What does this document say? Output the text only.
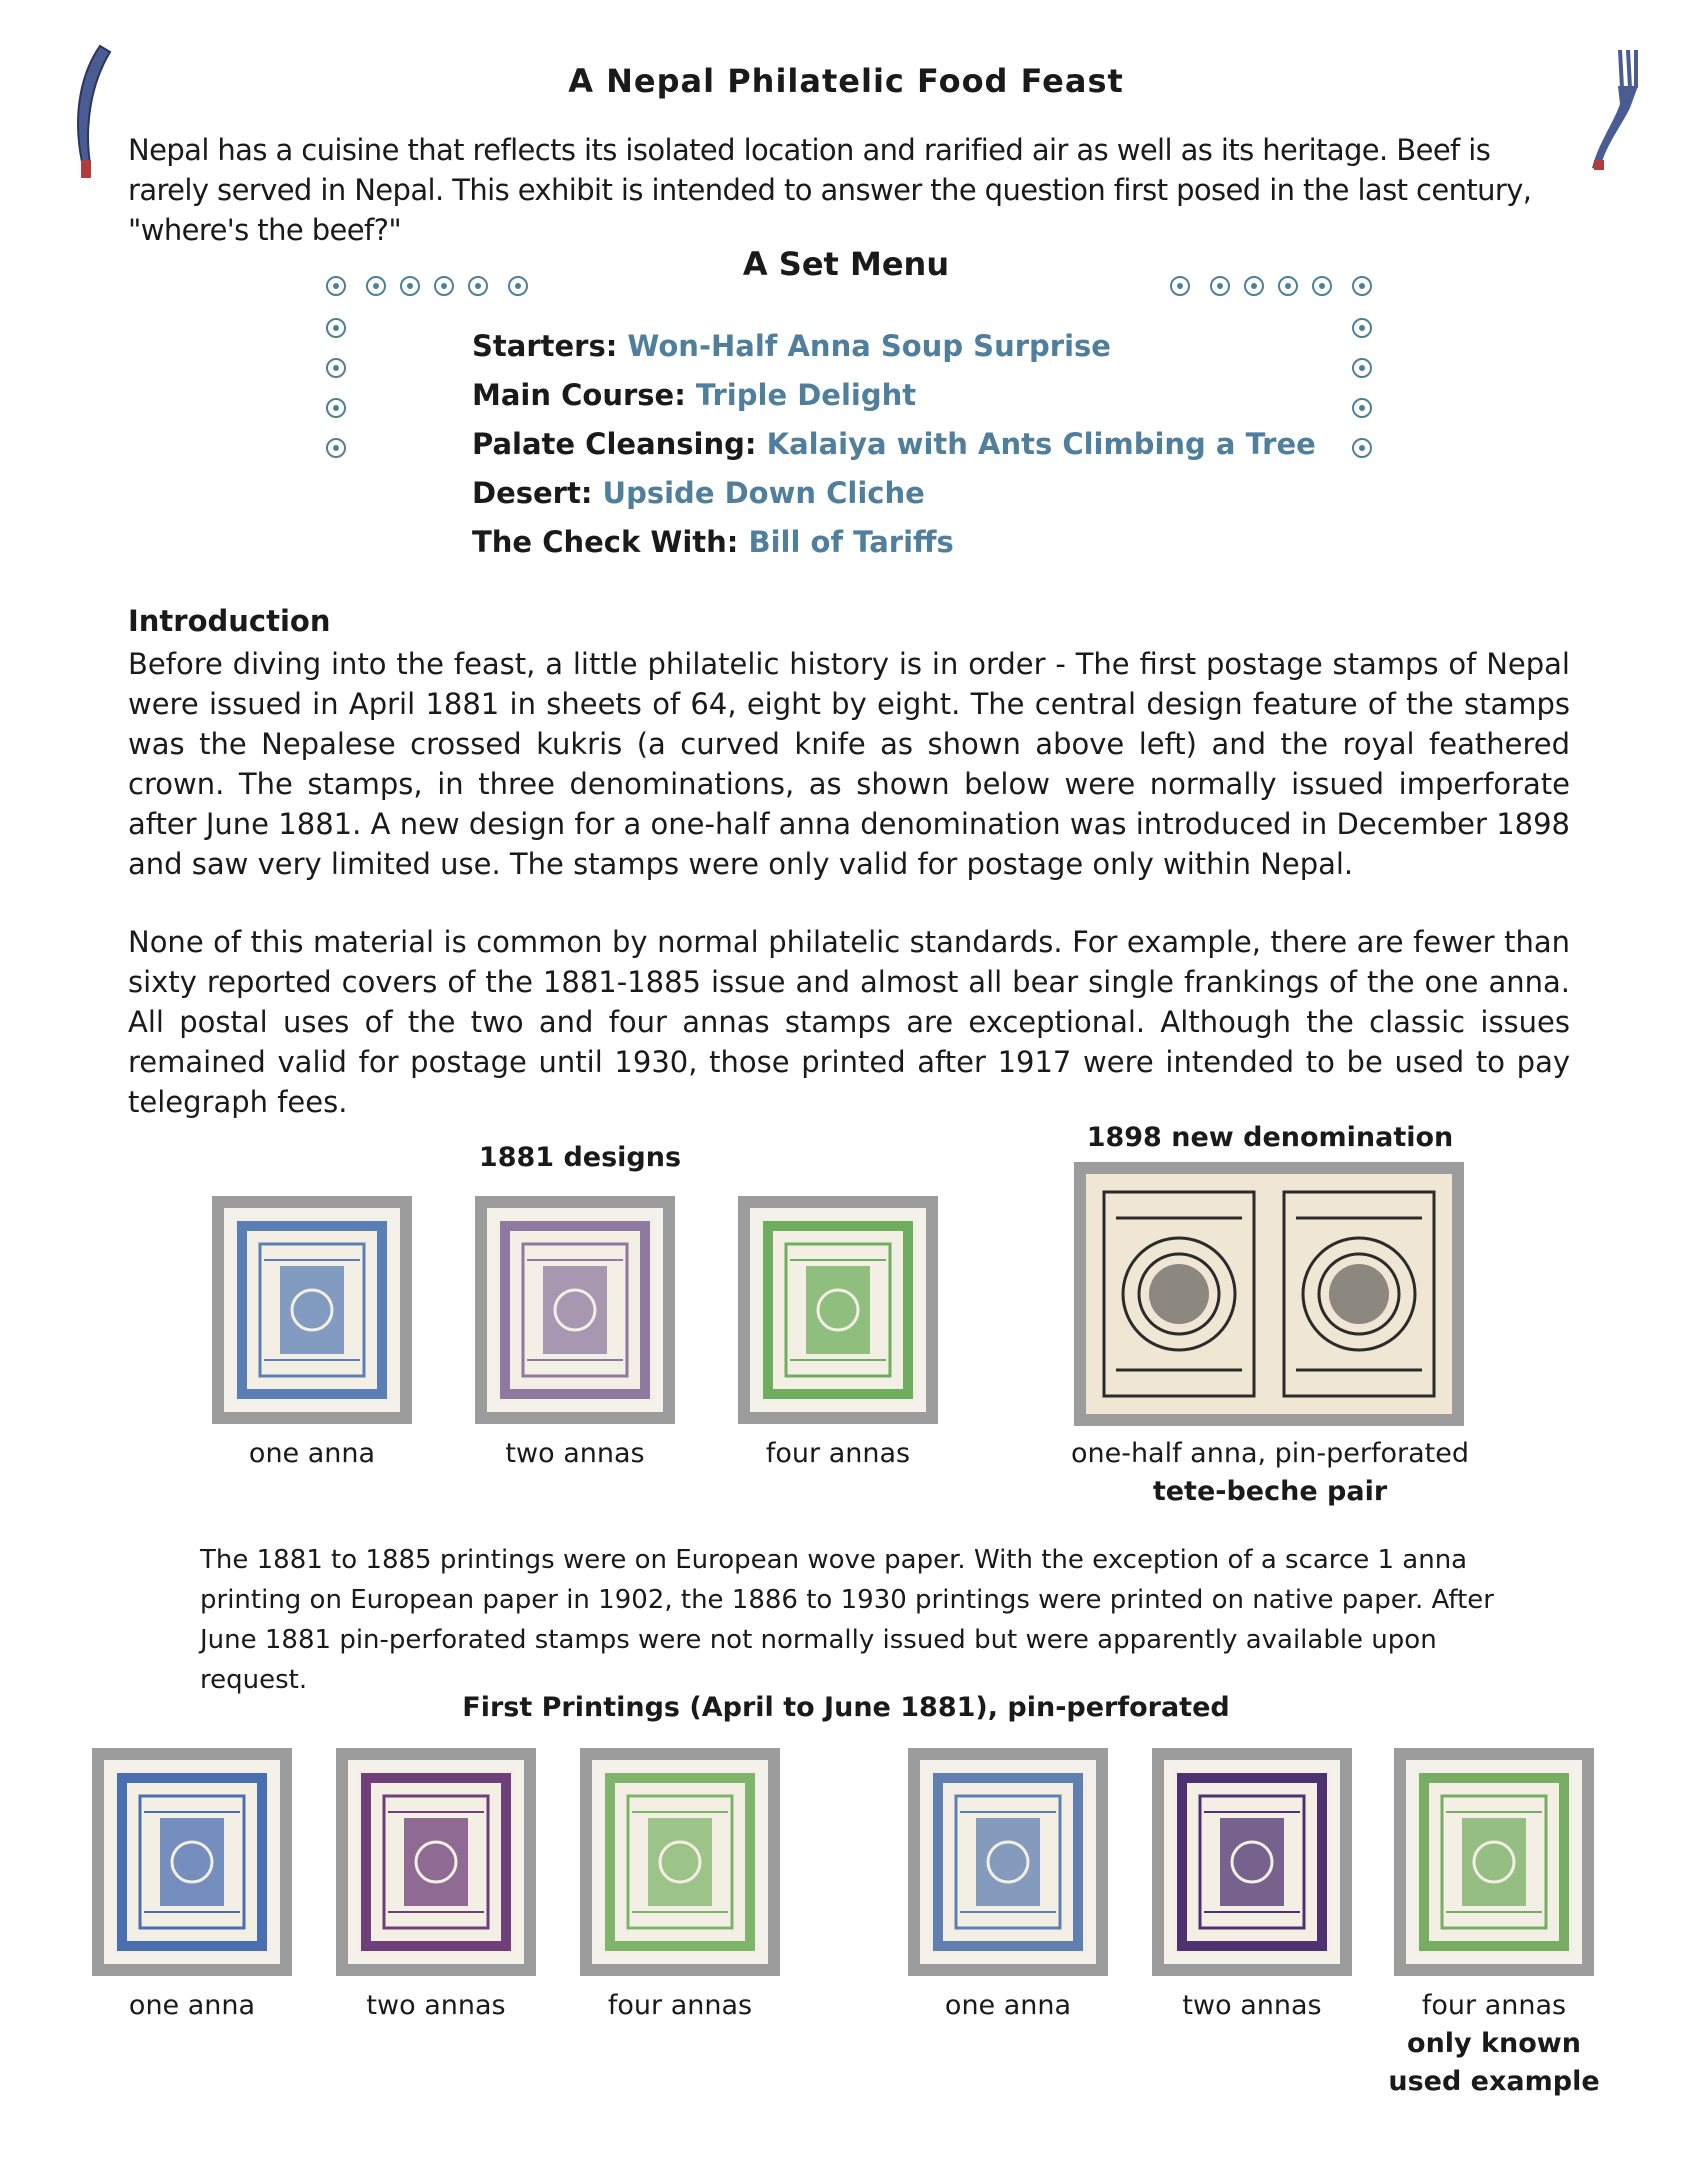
A Nepal Philatelic Food Feast
Nepal has a cuisine that reflects its isolated location and rarified air as well as its heritage. Beef is rarely served in Nepal. This exhibit is intended to answer the question first posed in the last century, "where's the beef?"
A Set Menu
Starters: Won-Half Anna Soup Surprise
Main Course: Triple Delight
Palate Cleansing: Kalaiya with Ants Climbing a Tree
Desert: Upside Down Cliche
The Check With: Bill of Tariffs
Introduction
Before diving into the feast, a little philatelic history is in order - The first postage stamps of Nepal were issued in April 1881 in sheets of 64, eight by eight. The central design feature of the stamps was the Nepalese crossed kukris (a curved knife as shown above left) and the royal feathered crown. The stamps, in three denominations, as shown below were normally issued imperforate after June 1881. A new design for a one-half anna denomination was introduced in December 1898 and saw very limited use. The stamps were only valid for postage only within Nepal.
None of this material is common by normal philatelic standards. For example, there are fewer than sixty reported covers of the 1881-1885 issue and almost all bear single frankings of the one anna. All postal uses of the two and four annas stamps are exceptional. Although the classic issues remained valid for postage until 1930, those printed after 1917 were intended to be used to pay telegraph fees.
1881 designs
1898 new denomination
one anna	two annas	four annas	one-half anna, pin-perforated
tete-beche pair
The 1881 to 1885 printings were on European wove paper. With the exception of a scarce 1 anna printing on European paper in 1902, the 1886 to 1930 printings were printed on native paper. After June 1881 pin-perforated stamps were not normally issued but were apparently available upon request.
First Printings (April to June 1881), pin-perforated
one anna	two annas	four annas	one anna	two annas	four annas
only known
used example
